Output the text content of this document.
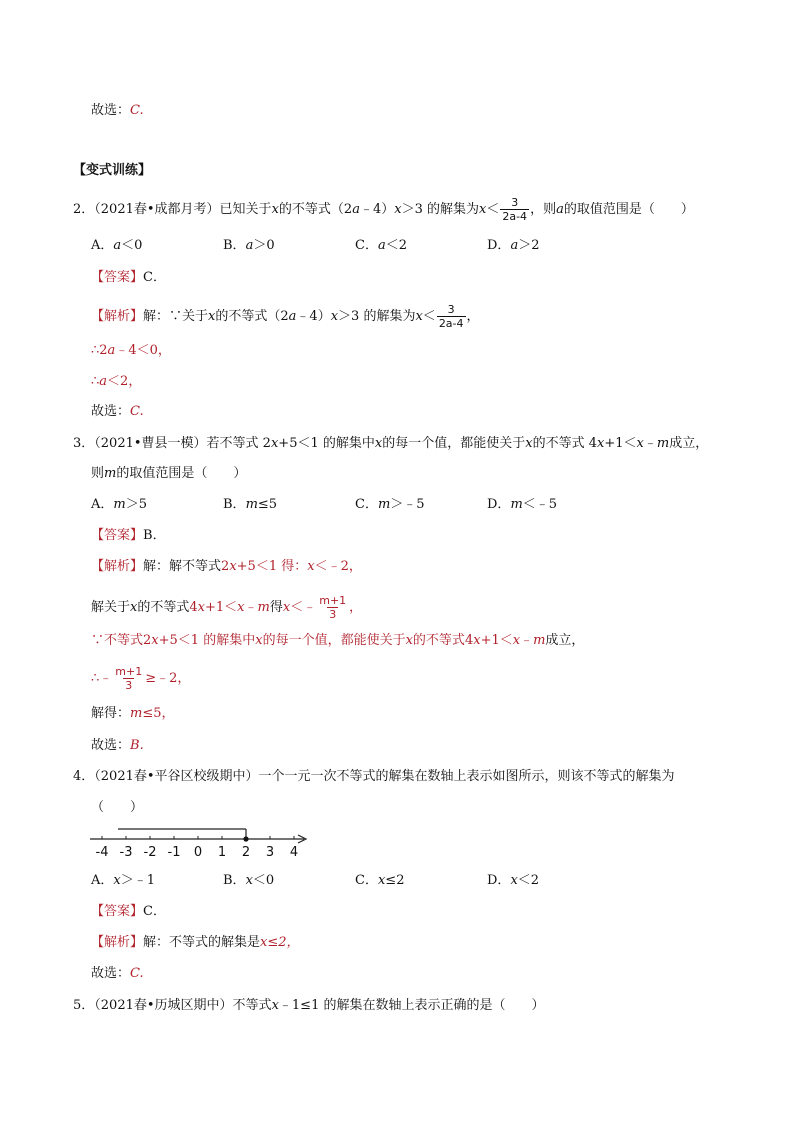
故选：C.
【变式训练】
2．（2021春•成都月考）已知关于x的不等式（2a﹣4）x＞3 的解集为$x< \frac{3}{2a-4}$ ，则a的取值范围是（　　）
A．a＜0	B．a＞0	C．a＜2	D．a＞2
【答案】C．
【解析】解：∵关于x的不等式（2a﹣4）x＞3 的解集为$x< \frac{3}{2a-4}$ ，
∴2a﹣4＜0，
∴a＜2，
故选：C.
3．（2021•曹县一模）若不等式 2x+5＜1 的解集中x的每一个值，都能使关于x的不等式 4x+1＜x﹣m成立，
则m的取值范围是（　　）
A．m＞5	B．m≤5	C．m＞﹣5	D．m＜﹣5
【答案】B．
【解析】解：解不等式2x+5＜1 得：x＜﹣2，
解关于x的不等式4x+1＜x﹣m得x＜﹣ $\frac{m+1}{3}$ ，
∵不等式2x+5＜1 的解集中x的每一个值，都能使关于x的不等式4x+1＜x﹣m成立，
∴﹣ $\frac{m+1}{3}$ ≥﹣2，
解得：m≤5，
故选：B.
4．（2021春•平谷区校级期中）一个一元一次不等式的解集在数轴上表示如图所示，则该不等式的解集为
（　　）
-4 -3 -2 -1 0 1 2 3 4
A．x＞﹣1	B．x＜0	C．x≤2	D．x＜2
【答案】C．
【解析】解：不等式的解集是x≤2，
故选：C.
5．（2021春•历城区期中）不等式x﹣1≤1 的解集在数轴上表示正确的是（　　）
